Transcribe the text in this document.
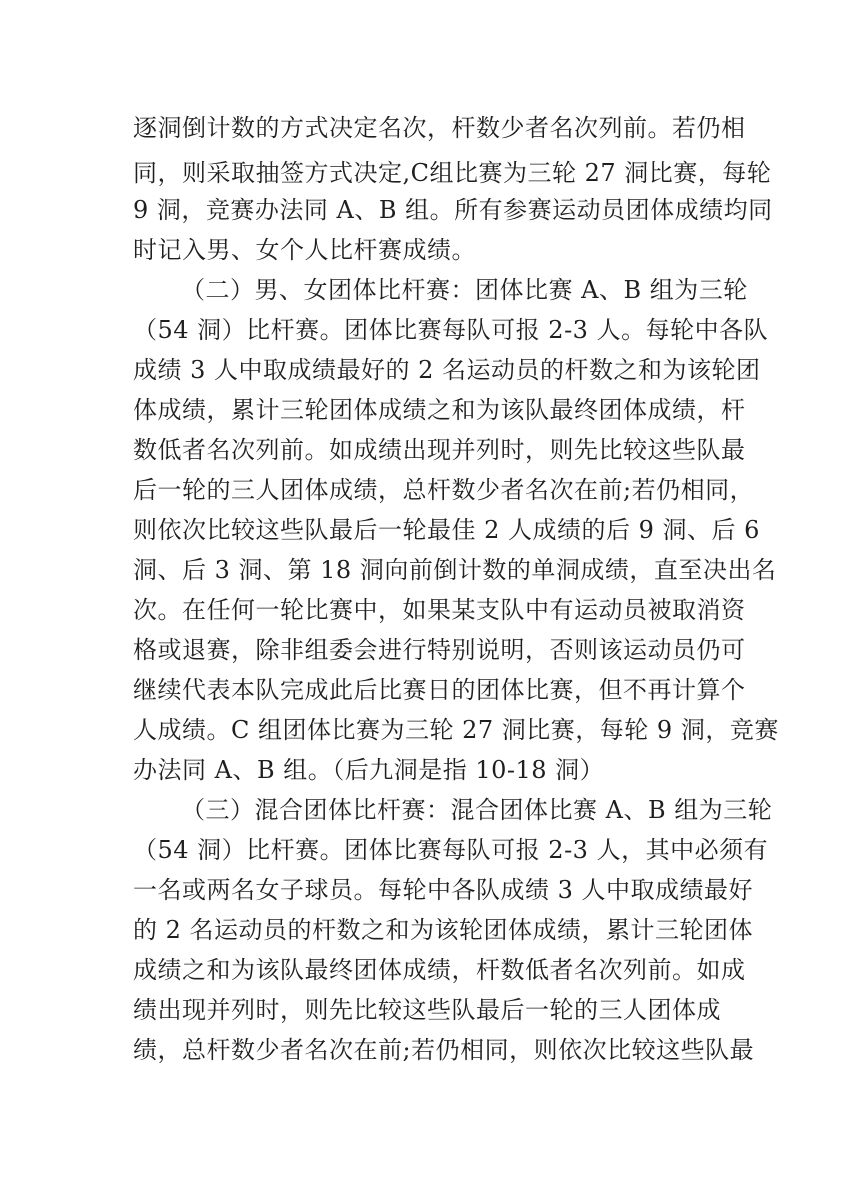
逐洞倒计数的方式决定名次，杆数少者名次列前。若仍相
同，则采取抽签方式决定,C组比赛为三轮 27 洞比赛，每轮
9 洞，竞赛办法同 A、B 组。所有参赛运动员团体成绩均同
时记入男、女个人比杆赛成绩。
（二）男、女团体比杆赛：团体比赛 A、B 组为三轮
（54 洞）比杆赛。团体比赛每队可报 2-3 人。每轮中各队
成绩 3 人中取成绩最好的 2 名运动员的杆数之和为该轮团
体成绩，累计三轮团体成绩之和为该队最终团体成绩，杆
数低者名次列前。如成绩出现并列时，则先比较这些队最
后一轮的三人团体成绩，总杆数少者名次在前;若仍相同，
则依次比较这些队最后一轮最佳 2 人成绩的后 9 洞、后 6
洞、后 3 洞、第 18 洞向前倒计数的单洞成绩，直至决出名
次。在任何一轮比赛中，如果某支队中有运动员被取消资
格或退赛，除非组委会进行特别说明，否则该运动员仍可
继续代表本队完成此后比赛日的团体比赛，但不再计算个
人成绩。C 组团体比赛为三轮 27 洞比赛，每轮 9 洞，竞赛
办法同 A、B 组。（后九洞是指 10-18 洞）
（三）混合团体比杆赛：混合团体比赛 A、B 组为三轮
（54 洞）比杆赛。团体比赛每队可报 2-3 人，其中必须有
一名或两名女子球员。每轮中各队成绩 3 人中取成绩最好
的 2 名运动员的杆数之和为该轮团体成绩，累计三轮团体
成绩之和为该队最终团体成绩，杆数低者名次列前。如成
绩出现并列时，则先比较这些队最后一轮的三人团体成
绩，总杆数少者名次在前;若仍相同，则依次比较这些队最
